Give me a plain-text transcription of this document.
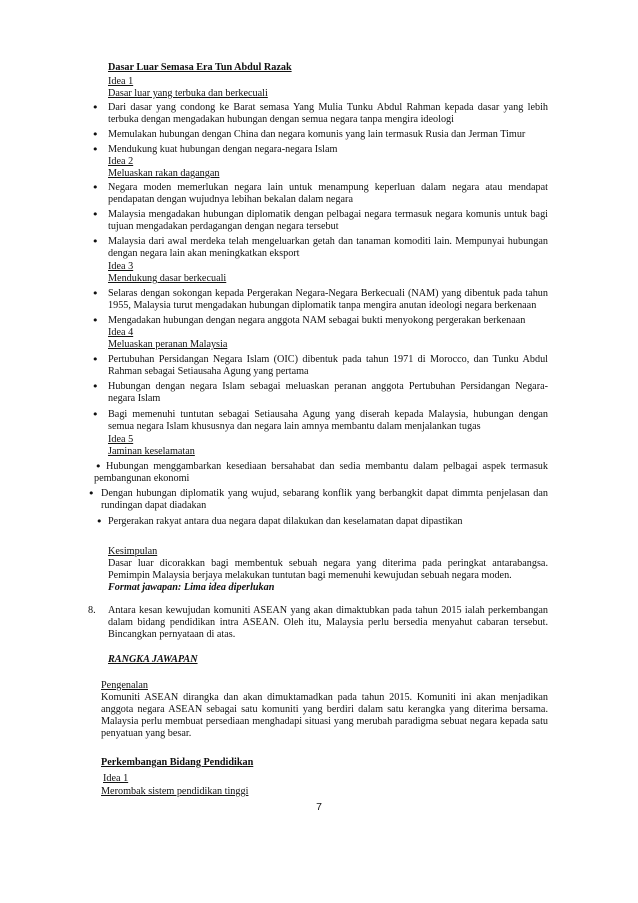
Dasar Luar Semasa Era Tun Abdul Razak
Idea 1
Dasar luar yang terbuka dan berkecuali
• Dari dasar yang condong ke Barat semasa Yang Mulia Tunku Abdul Rahman kepada dasar yang lebih
terbuka dengan mengadakan hubungan dengan semua negara tanpa mengira ideologi
• Memulakan hubungan dengan China dan negara komunis yang lain termasuk Rusia dan Jerman Timur
• Mendukung kuat hubungan dengan negara-negara Islam
Idea 2
Meluaskan rakan dagangan
• Negara moden memerlukan negara lain untuk menampung keperluan dalam negara atau mendapat
pendapatan dengan wujudnya lebihan bekalan dalam negara
• Malaysia mengadakan hubungan diplomatik dengan pelbagai negara termasuk negara komunis untuk bagi
tujuan mengadakan perdagangan dengan negara tersebut
• Malaysia dari awal merdeka telah mengeluarkan getah dan tanaman komoditi lain. Mempunyai hubungan
dengan negara lain akan meningkatkan eksport
Idea 3
Mendukung dasar berkecuali
• Selaras dengan sokongan kepada Pergerakan Negara-Negara Berkecuali (NAM) yang dibentuk pada tahun
1955, Malaysia turut mengadakan hubungan diplomatik tanpa mengira anutan ideologi negara berkenaan
• Mengadakan hubungan dengan negara anggota NAM sebagai bukti menyokong pergerakan berkenaan
Idea 4
Meluaskan peranan Malaysia
• Pertubuhan Persidangan Negara Islam (OIC) dibentuk pada tahun 1971 di Morocco, dan Tunku Abdul
Rahman sebagai Setiausaha Agung yang pertama
• Hubungan dengan negara Islam sebagai meluaskan peranan anggota Pertubuhan Persidangan Negara-
negara Islam
• Bagi memenuhi tuntutan sebagai Setiausaha Agung yang diserah kepada Malaysia, hubungan dengan
semua negara Islam khususnya dan negara lain amnya membantu dalam menjalankan tugas
Idea 5
Jaminan keselamatan
• Hubungan menggambarkan kesediaan bersahabat dan sedia membantu dalam pelbagai aspek termasuk
pembangunan ekonomi
• Dengan hubungan diplomatik yang wujud, sebarang konflik yang berbangkit dapat dimmta penjelasan dan
rundingan dapat diadakan
• Pergerakan rakyat antara dua negara dapat dilakukan dan keselamatan dapat dipastikan
Kesimpulan
Dasar luar dicorakkan bagi membentuk sebuah negara yang diterima pada peringkat antarabangsa.
Pemimpin Malaysia berjaya melakukan tuntutan bagi memenuhi kewujudan sebuah negara moden.
Format jawapan: Lima idea diperlukan
8. Antara kesan kewujudan komuniti ASEAN yang akan dimaktubkan pada tahun 2015 ialah perkembangan
dalam bidang pendidikan intra ASEAN. Oleh itu, Malaysia perlu bersedia menyahut cabaran tersebut.
Bincangkan pernyataan di atas.
RANGKA JAWAPAN
Pengenalan
Komuniti ASEAN dirangka dan akan dimuktamadkan pada tahun 2015. Komuniti ini akan menjadikan
anggota negara ASEAN sebagai satu komuniti yang berdiri dalam satu kerangka yang diterima bersama.
Malaysia perlu membuat persediaan menghadapi situasi yang merubah paradigma sebuat negara kepada satu
penyatuan yang besar.
Perkembangan Bidang Pendidikan
Idea 1
Merombak sistem pendidikan tinggi
7
